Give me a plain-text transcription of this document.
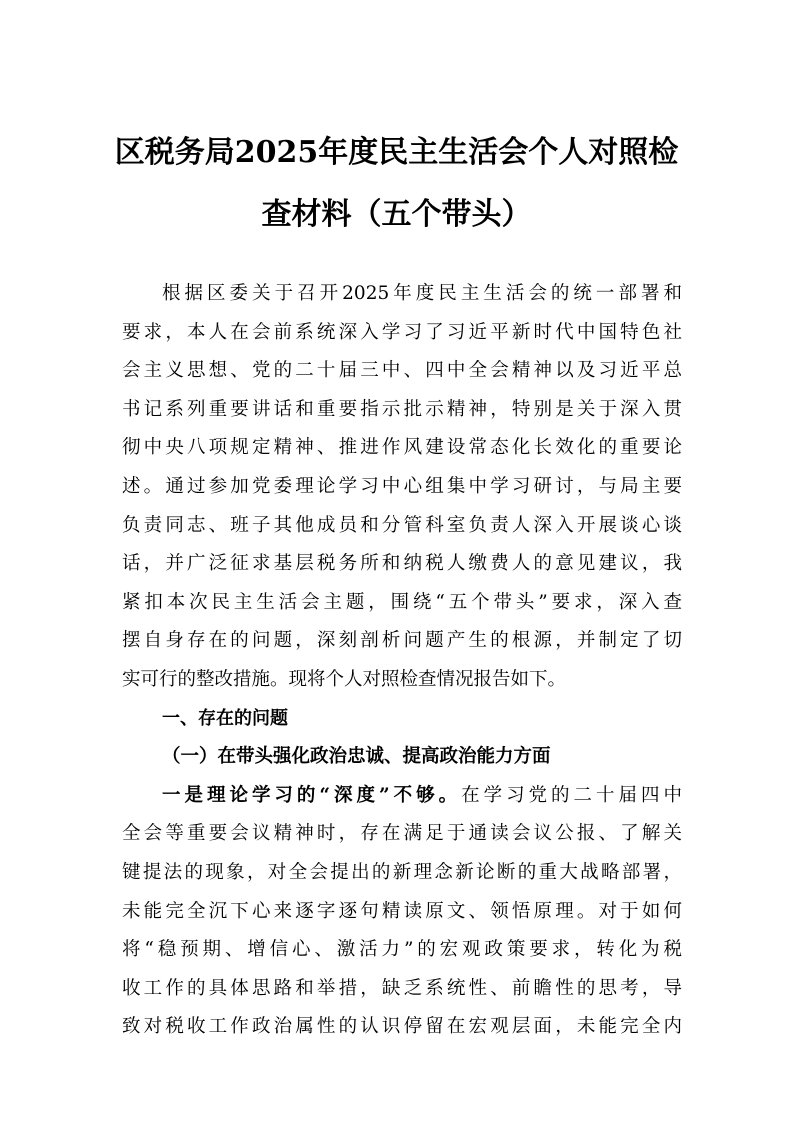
区税务局2025年度民主生活会个人对照检
查材料（五个带头）
根据区委关于召开2025年度民主生活会的统一部署和
要求，本人在会前系统深入学习了习近平新时代中国特色社
会主义思想、党的二十届三中、四中全会精神以及习近平总
书记系列重要讲话和重要指示批示精神，特别是关于深入贯
彻中央八项规定精神、推进作风建设常态化长效化的重要论
述。通过参加党委理论学习中心组集中学习研讨，与局主要
负责同志、班子其他成员和分管科室负责人深入开展谈心谈
话，并广泛征求基层税务所和纳税人缴费人的意见建议，我
紧扣本次民主生活会主题，围绕“五个带头”要求，深入查
摆自身存在的问题，深刻剖析问题产生的根源，并制定了切
实可行的整改措施。现将个人对照检查情况报告如下。
一、存在的问题
（一）在带头强化政治忠诚、提高政治能力方面
一是理论学习的“深度”不够。在学习党的二十届四中
全会等重要会议精神时，存在满足于通读会议公报、了解关
键提法的现象，对全会提出的新理念新论断的重大战略部署，
未能完全沉下心来逐字逐句精读原文、领悟原理。对于如何
将“稳预期、增信心、激活力”的宏观政策要求，转化为税
收工作的具体思路和举措，缺乏系统性、前瞻性的思考，导
致对税收工作政治属性的认识停留在宏观层面，未能完全内
